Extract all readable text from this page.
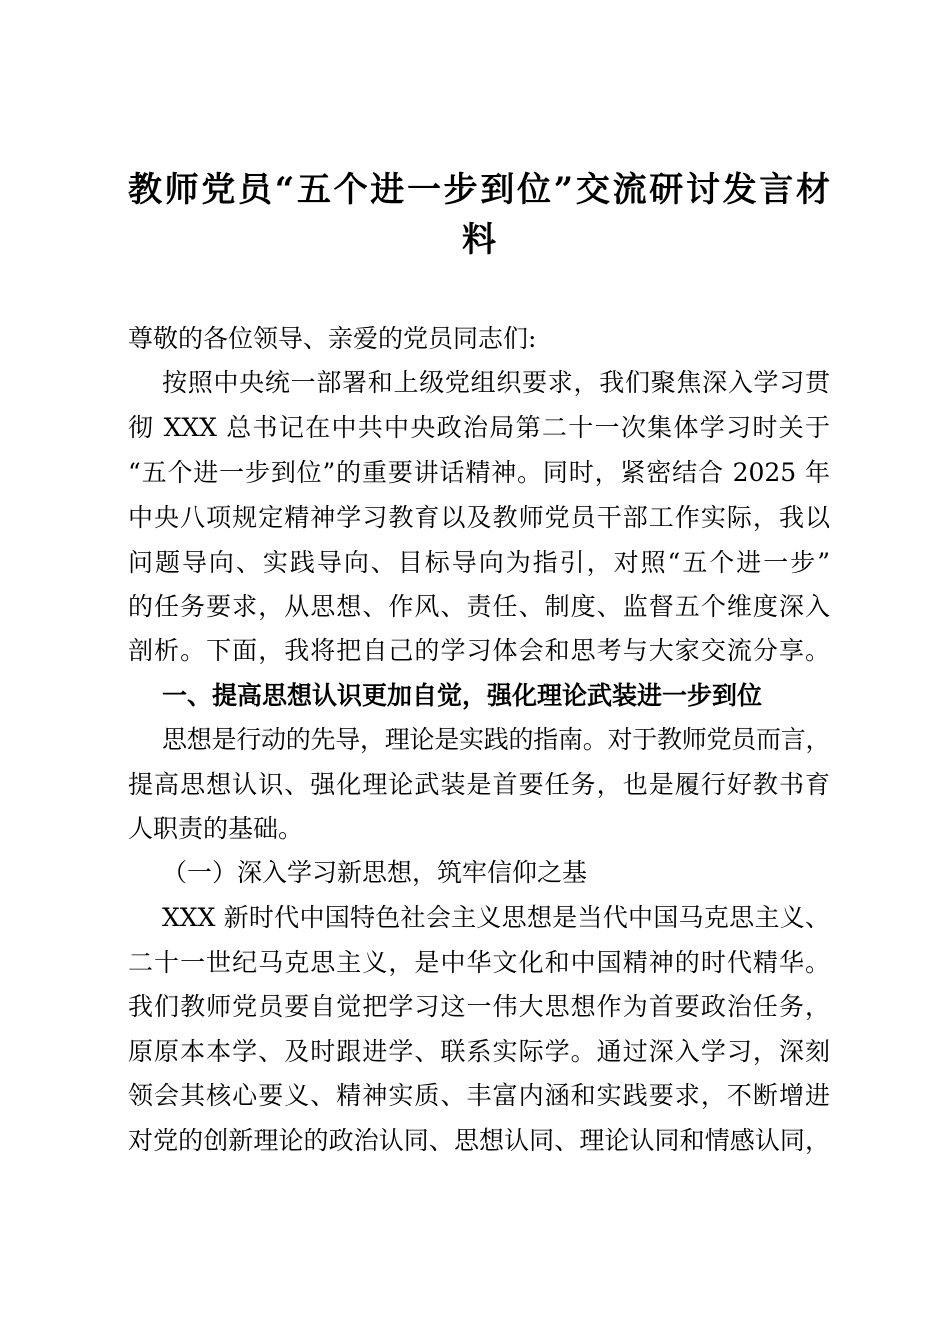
教师党员“五个进一步到位”交流研讨发言材
料
尊敬的各位领导、亲爱的党员同志们:
按照中央统一部署和上级党组织要求，我们聚焦深入学习贯
彻 XXX 总书记在中共中央政治局第二十一次集体学习时关于
“五个进一步到位”的重要讲话精神。同时，紧密结合 2025 年
中央八项规定精神学习教育以及教师党员干部工作实际，我以
问题导向、实践导向、目标导向为指引，对照“五个进一步”
的任务要求，从思想、作风、责任、制度、监督五个维度深入
剖析。下面，我将把自己的学习体会和思考与大家交流分享。
一、提高思想认识更加自觉，强化理论武装进一步到位
思想是行动的先导，理论是实践的指南。对于教师党员而言，
提高思想认识、强化理论武装是首要任务，也是履行好教书育
人职责的基础。
（一）深入学习新思想，筑牢信仰之基
XXX 新时代中国特色社会主义思想是当代中国马克思主义、
二十一世纪马克思主义，是中华文化和中国精神的时代精华。
我们教师党员要自觉把学习这一伟大思想作为首要政治任务，
原原本本学、及时跟进学、联系实际学。通过深入学习，深刻
领会其核心要义、精神实质、丰富内涵和实践要求，不断增进
对党的创新理论的政治认同、思想认同、理论认同和情感认同，
